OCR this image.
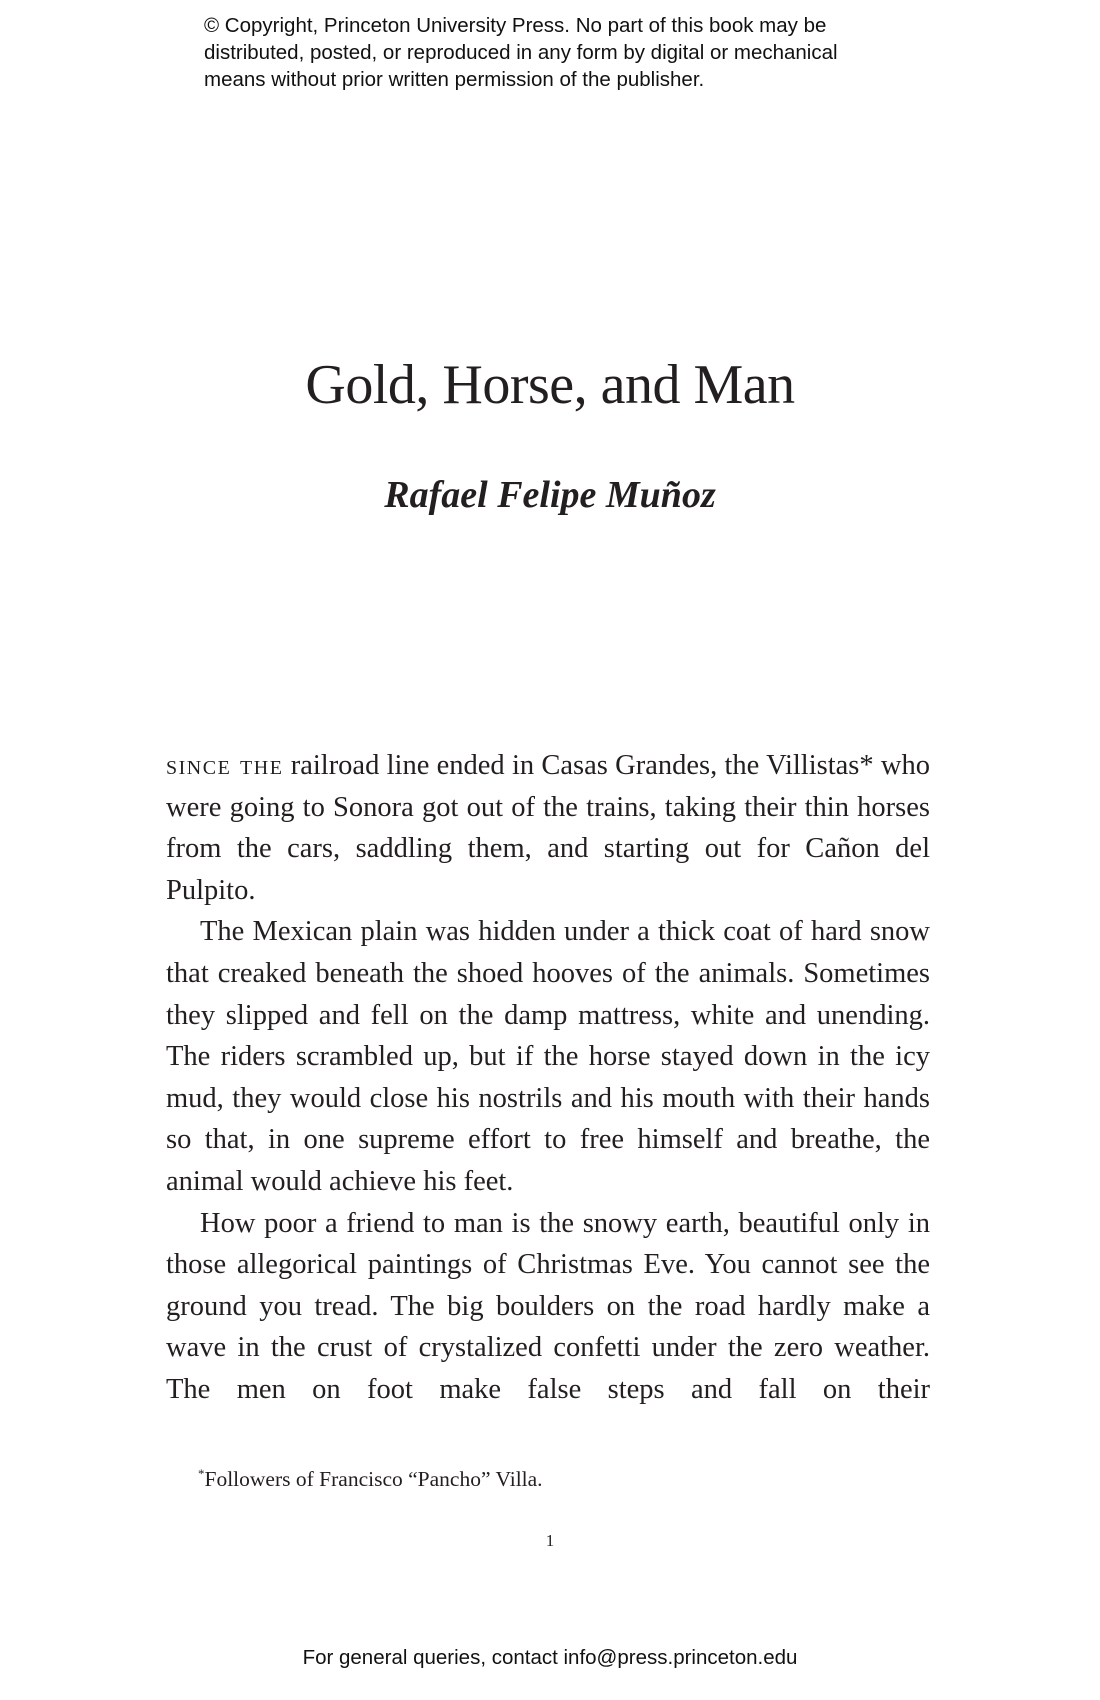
© Copyright, Princeton University Press. No part of this book may be
distributed, posted, or reproduced in any form by digital or mechanical
means without prior written permission of the publisher.
Gold, Horse, and Man
Rafael Felipe Muñoz

since the railroad line ended in Casas Grandes, the Villistas* who were going to Sonora got out of the trains, taking their thin horses from the cars, saddling them, and starting out for Cañon del Pulpito.

The Mexican plain was hidden under a thick coat of hard snow that creaked beneath the shoed hooves of the animals. Sometimes they slipped and fell on the damp mattress, white and unending. The riders scrambled up, but if the horse stayed down in the icy mud, they would close his nostrils and his mouth with their hands so that, in one supreme effort to free himself and breathe, the animal would achieve his feet.

How poor a friend to man is the snowy earth, beautiful only in those allegorical paintings of Christmas Eve. You cannot see the ground you tread. The big boulders on the road hardly make a wave in the crust of crystalized confetti under the zero weather. The men on foot make false steps and fall on their

*Followers of Francisco “Pancho” Villa.
1
For general queries, contact info@press.princeton.edu
